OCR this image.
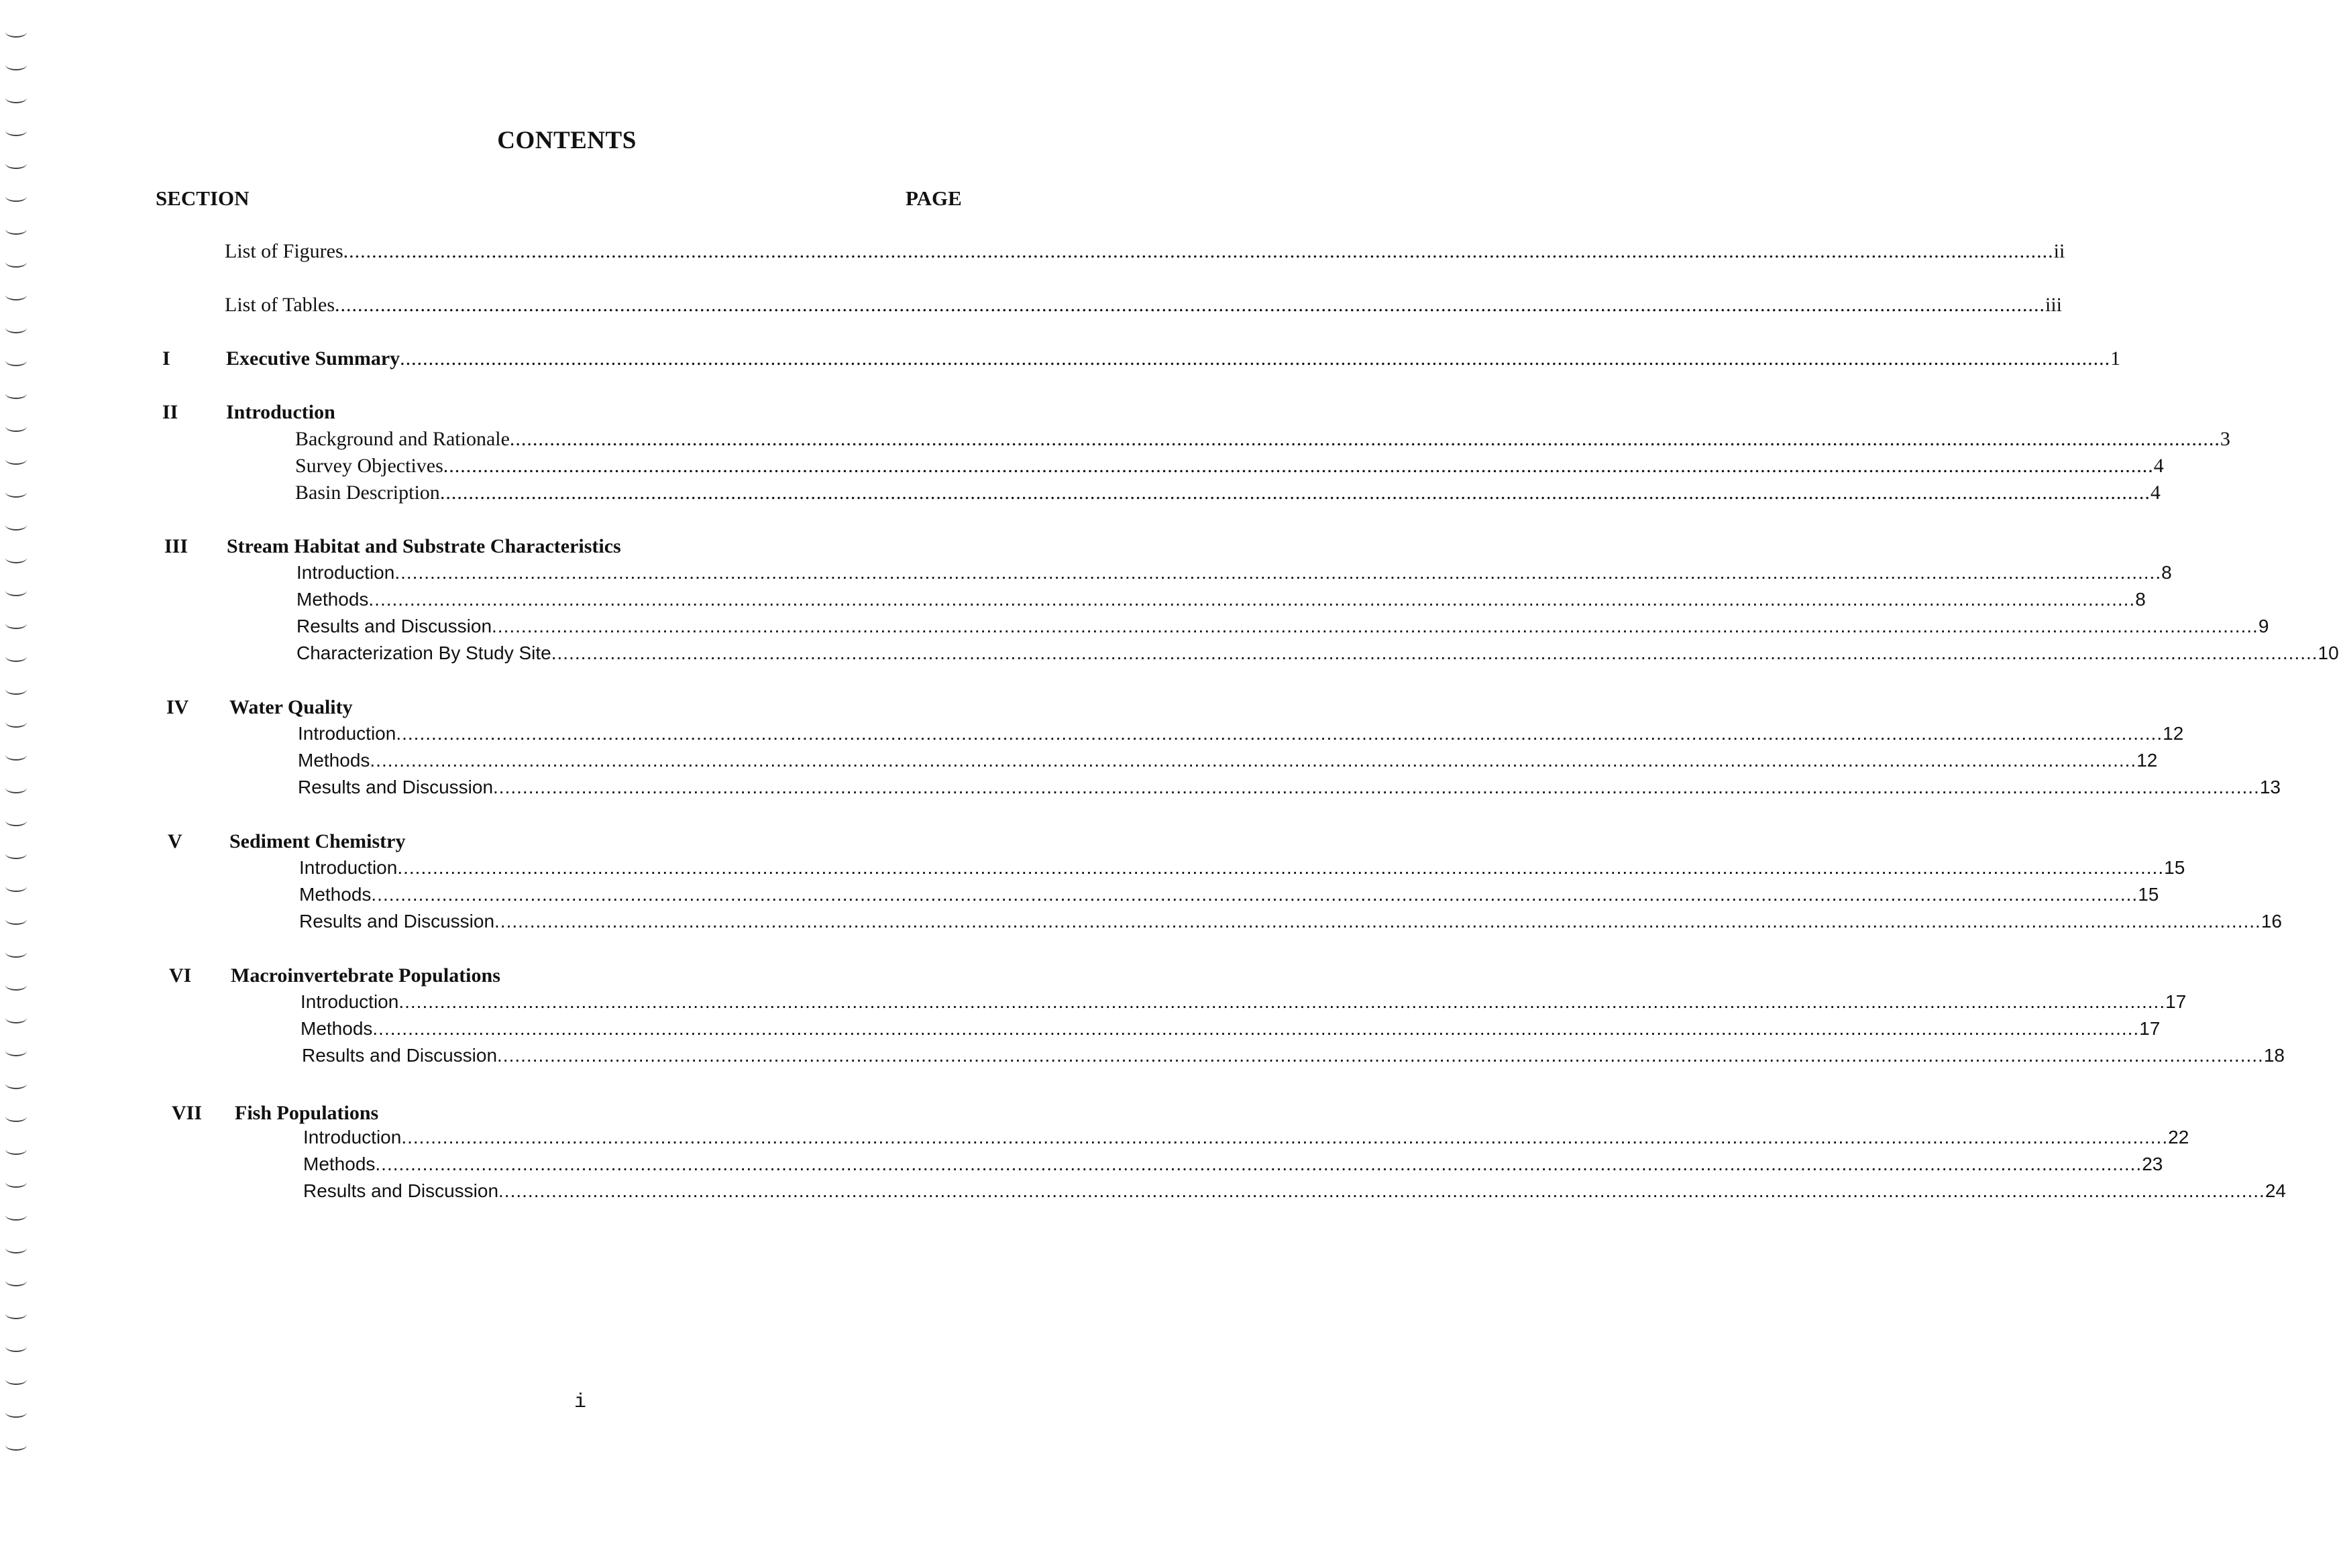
CONTENTS
SECTION	PAGE
List of Figures ............................................................................................................................................................................................................................................................................................................ ii
List of Tables ............................................................................................................................................................................................................................................................................................................ iii
I	Executive Summary ............................................................................................................................................................................................................................................................................................................ 1
II Introduction
Background and Rationale ............................................................................................................................................................................................................................................................................................................ 3
Survey Objectives ............................................................................................................................................................................................................................................................................................................ 4
Basin Description ............................................................................................................................................................................................................................................................................................................ 4
III Stream Habitat and Substrate Characteristics
Introduction ............................................................................................................................................................................................................................................................................................................ 8
Methods ............................................................................................................................................................................................................................................................................................................ 8
Results and Discussion ............................................................................................................................................................................................................................................................................................................ 9
Characterization By Study Site ............................................................................................................................................................................................................................................................................................................ 10
IV Water Quality
Introduction ............................................................................................................................................................................................................................................................................................................ 12
Methods ............................................................................................................................................................................................................................................................................................................ 12
Results and Discussion ............................................................................................................................................................................................................................................................................................................ 13
V Sediment Chemistry
Introduction ............................................................................................................................................................................................................................................................................................................ 15
Methods ............................................................................................................................................................................................................................................................................................................ 15
Results and Discussion ............................................................................................................................................................................................................................................................................................................ 16
VI Macroinvertebrate Populations
Introduction ............................................................................................................................................................................................................................................................................................................ 17
Methods ............................................................................................................................................................................................................................................................................................................ 17
Results and Discussion ............................................................................................................................................................................................................................................................................................................ 18
VII Fish Populations
Introduction ............................................................................................................................................................................................................................................................................................................ 22
Methods ............................................................................................................................................................................................................................................................................................................ 23
Results and Discussion ............................................................................................................................................................................................................................................................................................................ 24
i
